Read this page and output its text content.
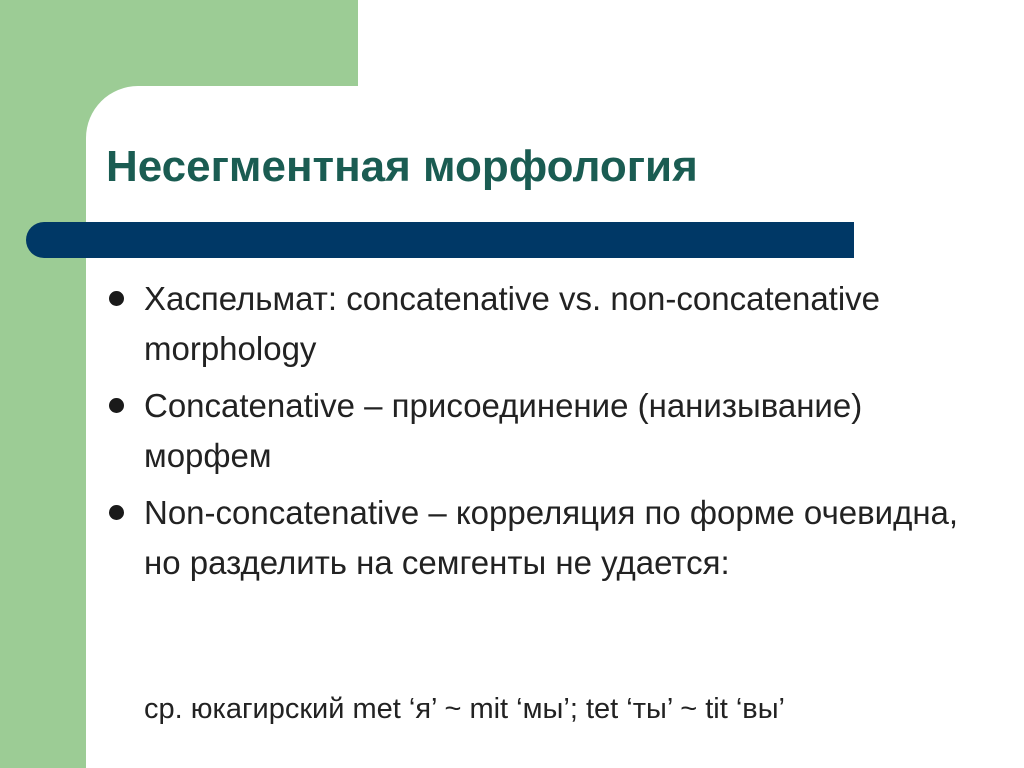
Несегментная морфология
Хаспельмат: concatenative vs. non-concatenative morphology
Concatenative – присоединение (нанизывание) морфем
Non-concatenative – корреляция по форме очевидна, но разделить на семгенты не удается:

ср. юкагирский met ‘я’ ~ mit ‘мы’; tet ‘ты’ ~ tit ‘вы’
